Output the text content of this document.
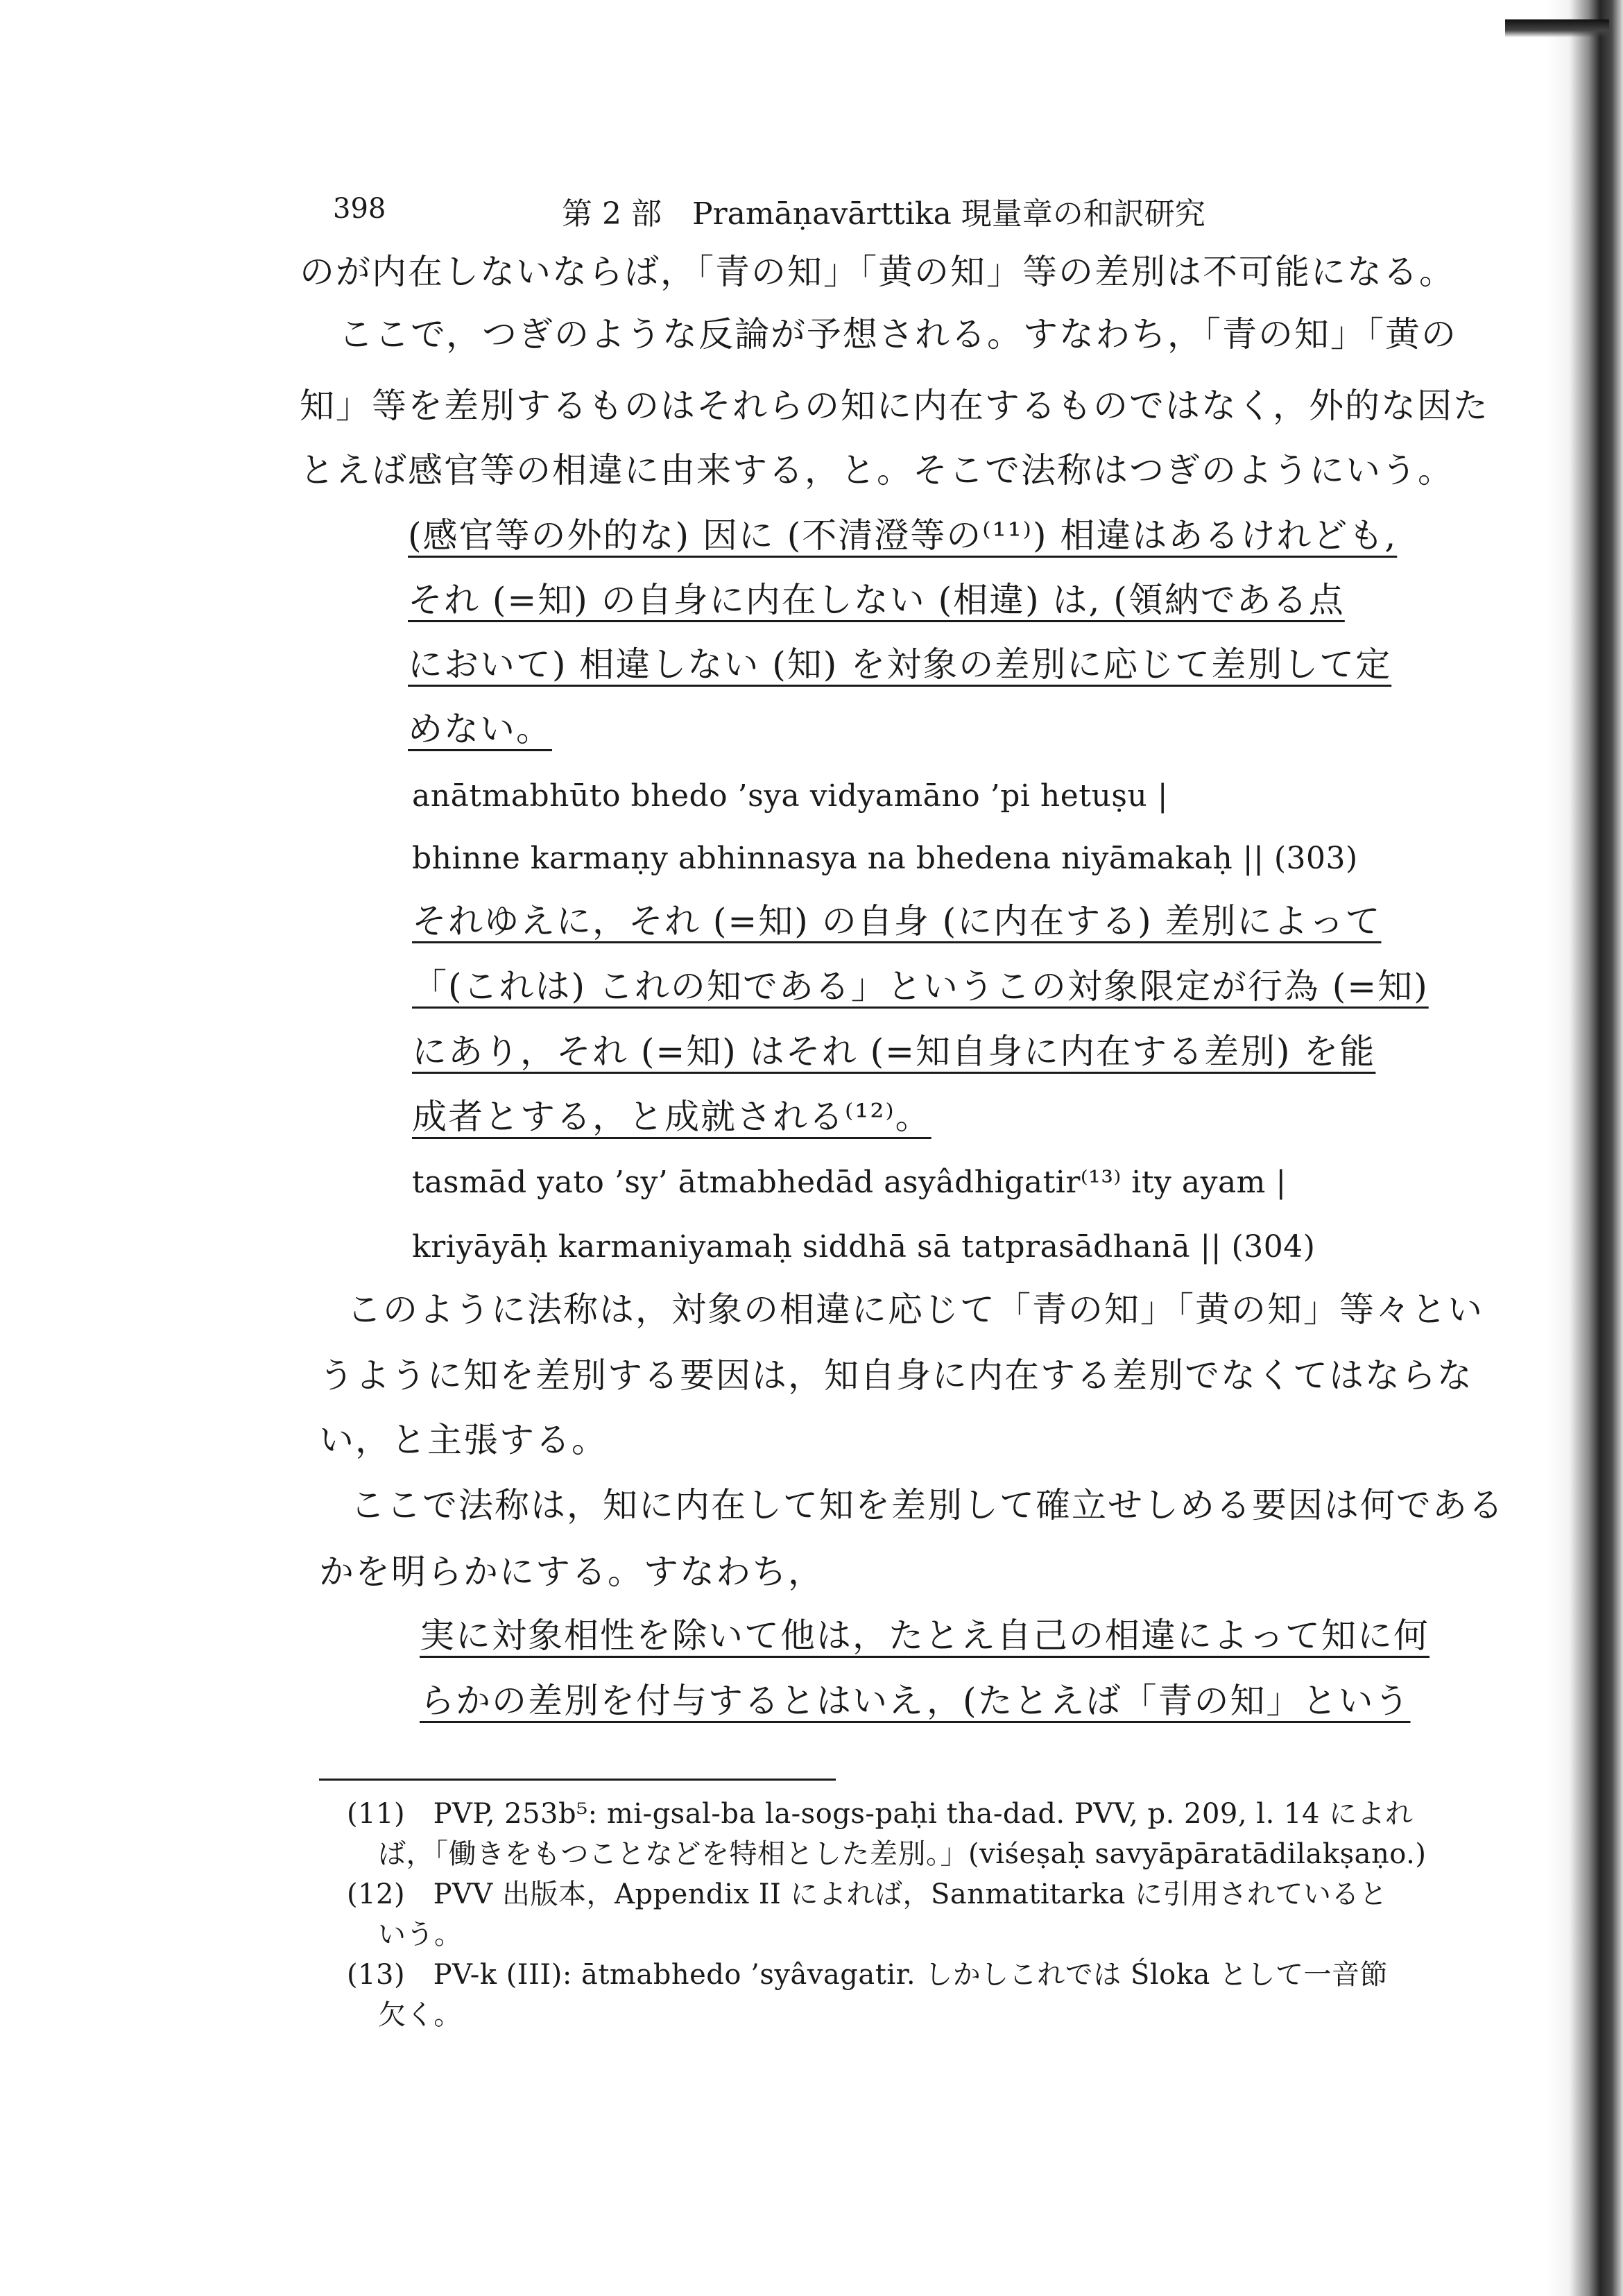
398	第 2 部　Pramāṇavārttika 現量章の和訳研究
のが内在しないならば，「青の知」「黄の知」等の差別は不可能になる。
ここで，つぎのような反論が予想される。すなわち，「青の知」「黄の
知」等を差別するものはそれらの知に内在するものではなく，外的な因た
とえば感官等の相違に由来する，と。そこで法称はつぎのようにいう。
(感官等の外的な) 因に (不清澄等の⁽¹¹⁾) 相違はあるけれども,
それ (=知) の自身に内在しない (相違) は, (領納である点
において) 相違しない (知) を対象の差別に応じて差別して定
めない。
anātmabhūto bhedo ’sya vidyamāno ’pi hetuṣu |
bhinne karmaṇy abhinnasya na bhedena niyāmakaḥ || (303)
それゆえに，それ (=知) の自身 (に内在する) 差別によって
「(これは) これの知である」というこの対象限定が行為 (=知)
にあり，それ (=知) はそれ (=知自身に内在する差別) を能
成者とする，と成就される⁽¹²⁾。
tasmād yato ’sy’ ātmabhedād asyâdhigatir⁽¹³⁾ ity ayam |
kriyāyāḥ karmaniyamaḥ siddhā sā tatprasādhanā || (304)
このように法称は，対象の相違に応じて「青の知」「黄の知」等々とい
うように知を差別する要因は，知自身に内在する差別でなくてはならな
い，と主張する。
ここで法称は，知に内在して知を差別して確立せしめる要因は何である
かを明らかにする。すなわち，
実に対象相性を除いて他は，たとえ自己の相違によって知に何
らかの差別を付与するとはいえ，(たとえば「青の知」という
(11)　PVP, 253b⁵: mi-gsal-ba la-sogs-paḥi tha-dad. PVV, p. 209, l. 14 によれ
ば，「働きをもつことなどを特相とした差別。」(viśeṣaḥ savyāpāratādilakṣaṇo.)
(12)　PVV 出版本，Appendix II によれば，Sanmatitarka に引用されていると
いう。
(13)　PV-k (III): ātmabhedo ’syâvagatir. しかしこれでは Śloka として一音節
欠く。
